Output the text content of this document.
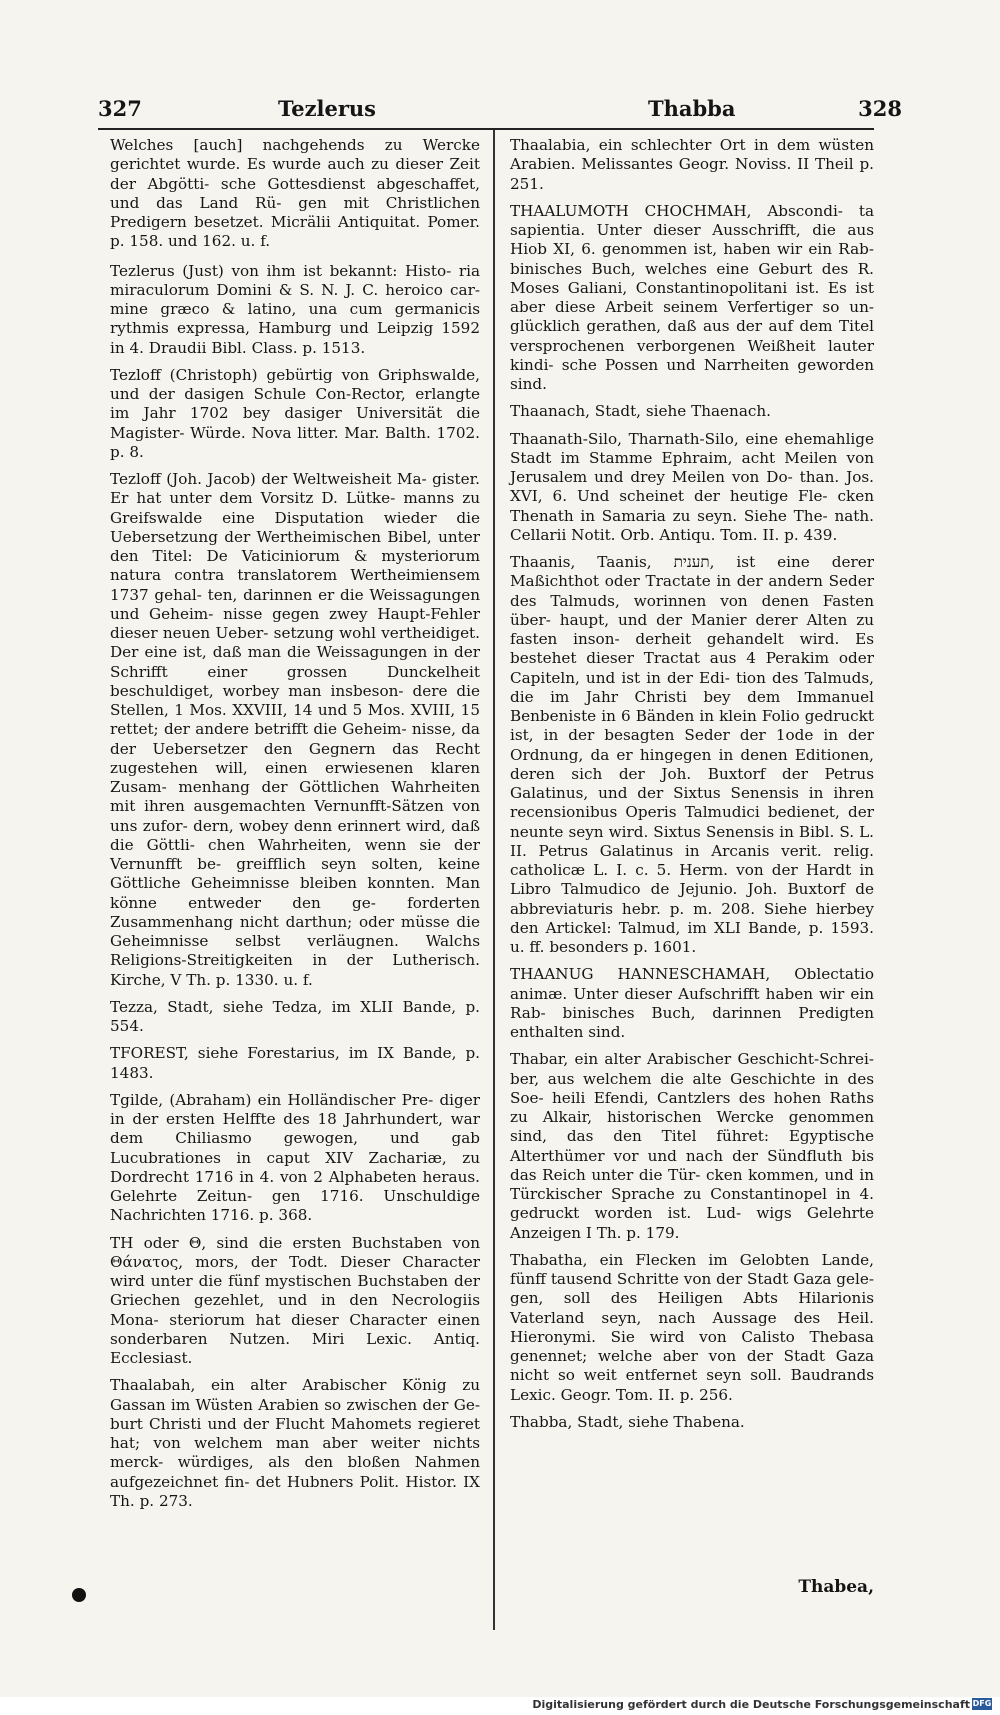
327	Tezlerus	Thabba	328

Welches [auch] nachgehends zu Wercke gerichtet wurde. Es wurde auch zu dieser Zeit der Abgötti- sche Gottesdienst abgeschaffet, und das Land Rü- gen mit Christlichen Predigern besetzet. Micrälii Antiquitat. Pomer. p. 158. und 162. u. f.

Tezlerus (Just) von ihm ist bekannt: Histo- ria miraculorum Domini & S. N. J. C. heroico car- mine græco & latino, una cum germanicis rythmis expressa, Hamburg und Leipzig 1592 in 4. Draudii Bibl. Class. p. 1513.

Tezloff (Christoph) gebürtig von Griphswalde, und der dasigen Schule Con-Rector, erlangte im Jahr 1702 bey dasiger Universität die Magister- Würde. Nova litter. Mar. Balth. 1702. p. 8.

Tezloff (Joh. Jacob) der Weltweisheit Ma- gister. Er hat unter dem Vorsitz D. Lütke- manns zu Greifswalde eine Disputation wieder die Uebersetzung der Wertheimischen Bibel, unter den Titel: De Vaticiniorum & mysteriorum natura contra translatorem Wertheimiensem 1737 gehal- ten, darinnen er die Weissagungen und Geheim- nisse gegen zwey Haupt-Fehler dieser neuen Ueber- setzung wohl vertheidiget. Der eine ist, daß man die Weissagungen in der Schrifft einer grossen Dunckelheit beschuldiget, worbey man insbeson- dere die Stellen, 1 Mos. XXVIII, 14 und 5 Mos. XVIII, 15 rettet; der andere betrifft die Geheim- nisse, da der Uebersetzer den Gegnern das Recht zugestehen will, einen erwiesenen klaren Zusam- menhang der Göttlichen Wahrheiten mit ihren ausgemachten Vernunfft-Sätzen von uns zufor- dern, wobey denn erinnert wird, daß die Göttli- chen Wahrheiten, wenn sie der Vernunfft be- greifflich seyn solten, keine Göttliche Geheimnisse bleiben konnten. Man könne entweder den ge- forderten Zusammenhang nicht darthun; oder müsse die Geheimnisse selbst verläugnen. Walchs Religions-Streitigkeiten in der Lutherisch. Kirche, V Th. p. 1330. u. f.

Tezza, Stadt, siehe Tedza, im XLII Bande, p. 554.

TFOREST, siehe Forestarius, im IX Bande, p. 1483.

Tgilde, (Abraham) ein Holländischer Pre- diger in der ersten Helffte des 18 Jahrhundert, war dem Chiliasmo gewogen, und gab Lucubrationes in caput XIV Zachariæ, zu Dordrecht 1716 in 4. von 2 Alphabeten heraus. Gelehrte Zeitun- gen 1716. Unschuldige Nachrichten 1716. p. 368.

TH oder Θ, sind die ersten Buchstaben von Θάνατος, mors, der Todt. Dieser Character wird unter die fünf mystischen Buchstaben der Griechen gezehlet, und in den Necrologiis Mona- steriorum hat dieser Character einen sonderbaren Nutzen. Miri Lexic. Antiq. Ecclesiast.

Thaalabah, ein alter Arabischer König zu Gassan im Wüsten Arabien so zwischen der Ge- burt Christi und der Flucht Mahomets regieret hat; von welchem man aber weiter nichts merck- würdiges, als den bloßen Nahmen aufgezeichnet fin- det Hubners Polit. Histor. IX Th. p. 273.

Thaalabia, ein schlechter Ort in dem wüsten Arabien. Melissantes Geogr. Noviss. II Theil p. 251.

THAALUMOTH CHOCHMAH, Abscondi- ta sapientia. Unter dieser Ausschrifft, die aus Hiob XI, 6. genommen ist, haben wir ein Rab- binisches Buch, welches eine Geburt des R. Moses Galiani, Constantinopolitani ist. Es ist aber diese Arbeit seinem Verfertiger so un- glücklich gerathen, daß aus der auf dem Titel versprochenen verborgenen Weißheit lauter kindi- sche Possen und Narrheiten geworden sind.

Thaanach, Stadt, siehe Thaenach.

Thaanath-Silo, Tharnath-Silo, eine ehemahlige Stadt im Stamme Ephraim, acht Meilen von Jerusalem und drey Meilen von Do- than. Jos. XVI, 6. Und scheinet der heutige Fle- cken Thenath in Samaria zu seyn. Siehe The- nath. Cellarii Notit. Orb. Antiqu. Tom. II. p. 439.

Thaanis, Taanis, תענית, ist eine derer Maßichthot oder Tractate in der andern Seder des Talmuds, worinnen von denen Fasten über- haupt, und der Manier derer Alten zu fasten inson- derheit gehandelt wird. Es bestehet dieser Tractat aus 4 Perakim oder Capiteln, und ist in der Edi- tion des Talmuds, die im Jahr Christi bey dem Immanuel Benbeniste in 6 Bänden in klein Folio gedruckt ist, in der besagten Seder der 1ode in der Ordnung, da er hingegen in denen Editionen, deren sich der Joh. Buxtorf der Petrus Galatinus, und der Sixtus Senensis in ihren recensionibus Operis Talmudici bedienet, der neunte seyn wird. Sixtus Senensis in Bibl. S. L. II. Petrus Galatinus in Arcanis verit. relig. catholicæ L. I. c. 5. Herm. von der Hardt in Libro Talmudico de Jejunio. Joh. Buxtorf de abbreviaturis hebr. p. m. 208. Siehe hierbey den Artickel: Talmud, im XLI Bande, p. 1593. u. ff. besonders p. 1601.

THAANUG HANNESCHAMAH, Oblectatio animæ. Unter dieser Aufschrifft haben wir ein Rab- binisches Buch, darinnen Predigten enthalten sind.

Thabar, ein alter Arabischer Geschicht-Schrei- ber, aus welchem die alte Geschichte in des Soe- heili Efendi, Cantzlers des hohen Raths zu Alkair, historischen Wercke genommen sind, das den Titel führet: Egyptische Alterthümer vor und nach der Sündfluth bis das Reich unter die Tür- cken kommen, und in Türckischer Sprache zu Constantinopel in 4. gedruckt worden ist. Lud- wigs Gelehrte Anzeigen I Th. p. 179.

Thabatha, ein Flecken im Gelobten Lande, fünff tausend Schritte von der Stadt Gaza gele- gen, soll des Heiligen Abts Hilarionis Vaterland seyn, nach Aussage des Heil. Hieronymi. Sie wird von Calisto Thebasa genennet; welche aber von der Stadt Gaza nicht so weit entfernet seyn soll. Baudrands Lexic. Geogr. Tom. II. p. 256.

Thabba, Stadt, siehe Thabena.

Thabea,
Digitalisierung gefördert durch die Deutsche Forschungsgemeinschaft DFG
